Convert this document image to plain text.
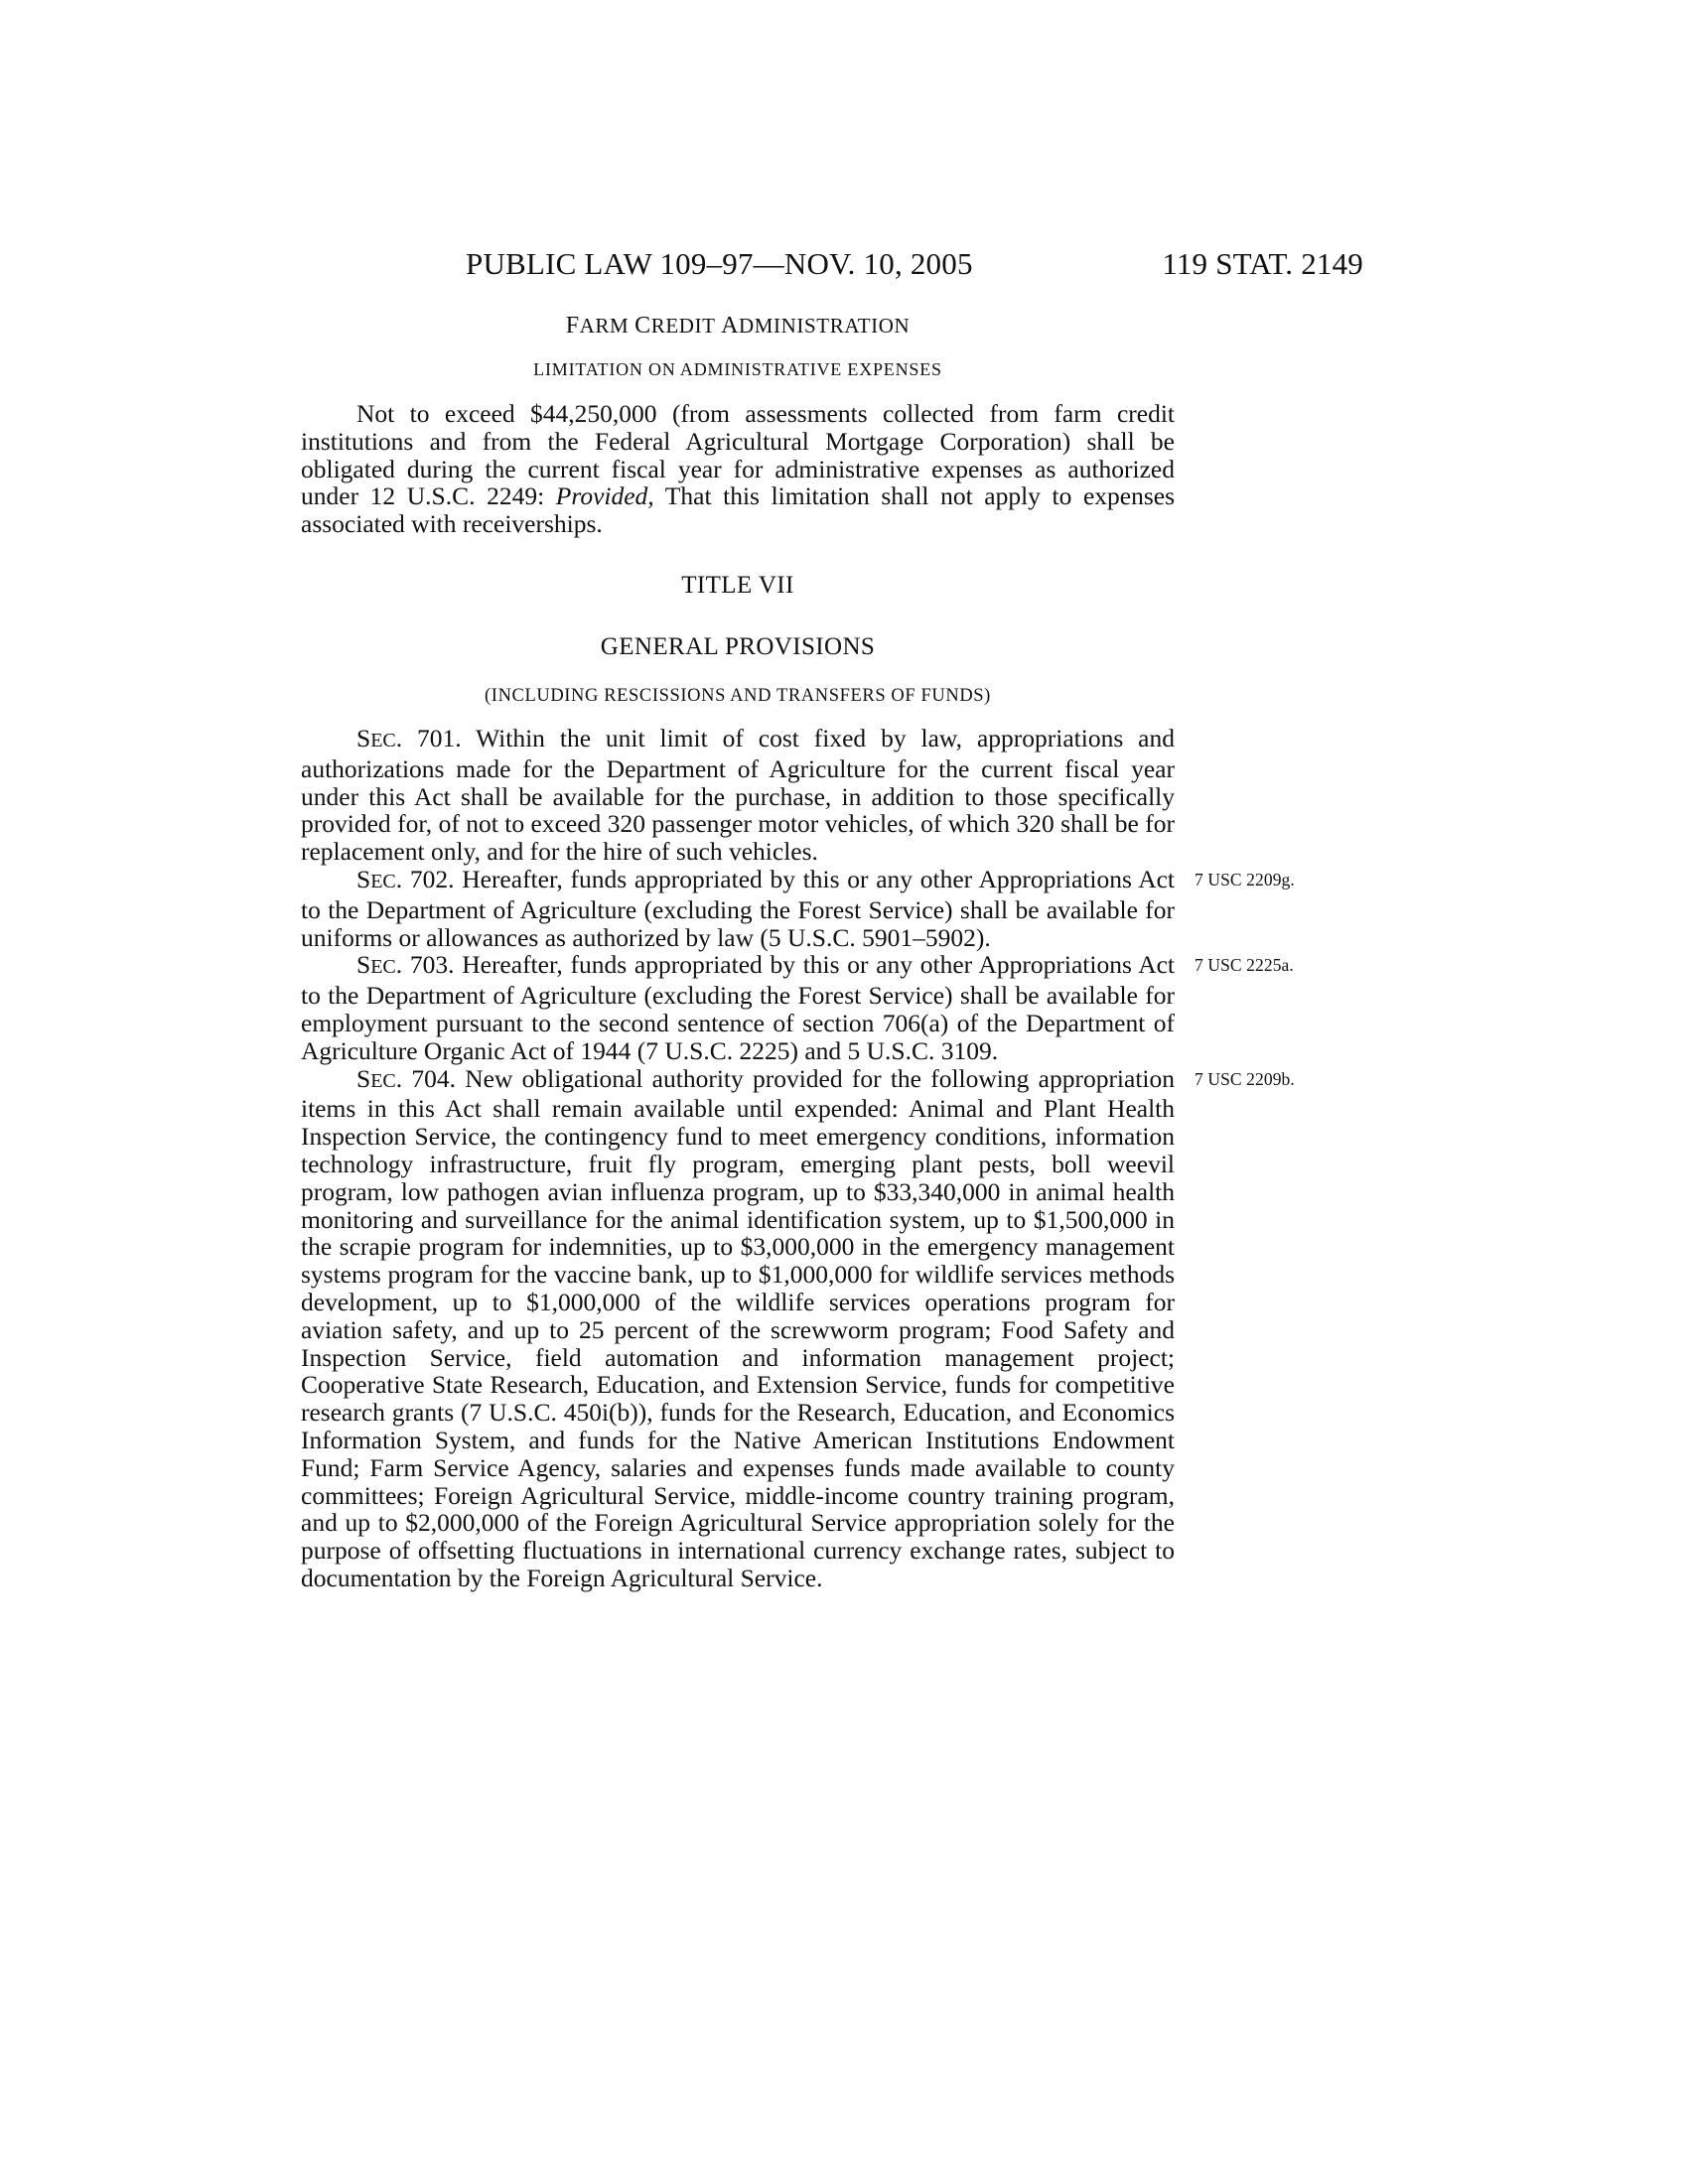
PUBLIC LAW 109–97—NOV. 10, 2005	119 STAT. 2149
FARM CREDIT ADMINISTRATION
LIMITATION ON ADMINISTRATIVE EXPENSES

Not to exceed $44,250,000 (from assessments collected from farm credit institutions and from the Federal Agricultural Mortgage Corporation) shall be obligated during the current fiscal year for administrative expenses as authorized under 12 U.S.C. 2249: Provided, That this limitation shall not apply to expenses associated with receiverships.

TITLE VII
GENERAL PROVISIONS
(INCLUDING RESCISSIONS AND TRANSFERS OF FUNDS)

SEC. 701. Within the unit limit of cost fixed by law, appropriations and authorizations made for the Department of Agriculture for the current fiscal year under this Act shall be available for the purchase, in addition to those specifically provided for, of not to exceed 320 passenger motor vehicles, of which 320 shall be for replacement only, and for the hire of such vehicles.

7 USC 2209g.

SEC. 702. Hereafter, funds appropriated by this or any other Appropriations Act to the Department of Agriculture (excluding the Forest Service) shall be available for uniforms or allowances as authorized by law (5 U.S.C. 5901–5902).

7 USC 2225a.

SEC. 703. Hereafter, funds appropriated by this or any other Appropriations Act to the Department of Agriculture (excluding the Forest Service) shall be available for employment pursuant to the second sentence of section 706(a) of the Department of Agriculture Organic Act of 1944 (7 U.S.C. 2225) and 5 U.S.C. 3109.

7 USC 2209b.

SEC. 704. New obligational authority provided for the following appropriation items in this Act shall remain available until expended: Animal and Plant Health Inspection Service, the contingency fund to meet emergency conditions, information technology infrastructure, fruit fly program, emerging plant pests, boll weevil program, low pathogen avian influenza program, up to $33,340,000 in animal health monitoring and surveillance for the animal identification system, up to $1,500,000 in the scrapie program for indemnities, up to $3,000,000 in the emergency management systems program for the vaccine bank, up to $1,000,000 for wildlife services methods development, up to $1,000,000 of the wildlife services operations program for aviation safety, and up to 25 percent of the screwworm program; Food Safety and Inspection Service, field automation and information management project; Cooperative State Research, Education, and Extension Service, funds for competitive research grants (7 U.S.C. 450i(b)), funds for the Research, Education, and Economics Information System, and funds for the Native American Institutions Endowment Fund; Farm Service Agency, salaries and expenses funds made available to county committees; Foreign Agricultural Service, middle-income country training program, and up to $2,000,000 of the Foreign Agricultural Service appropriation solely for the purpose of offsetting fluctuations in international currency exchange rates, subject to documentation by the Foreign Agricultural Service.
